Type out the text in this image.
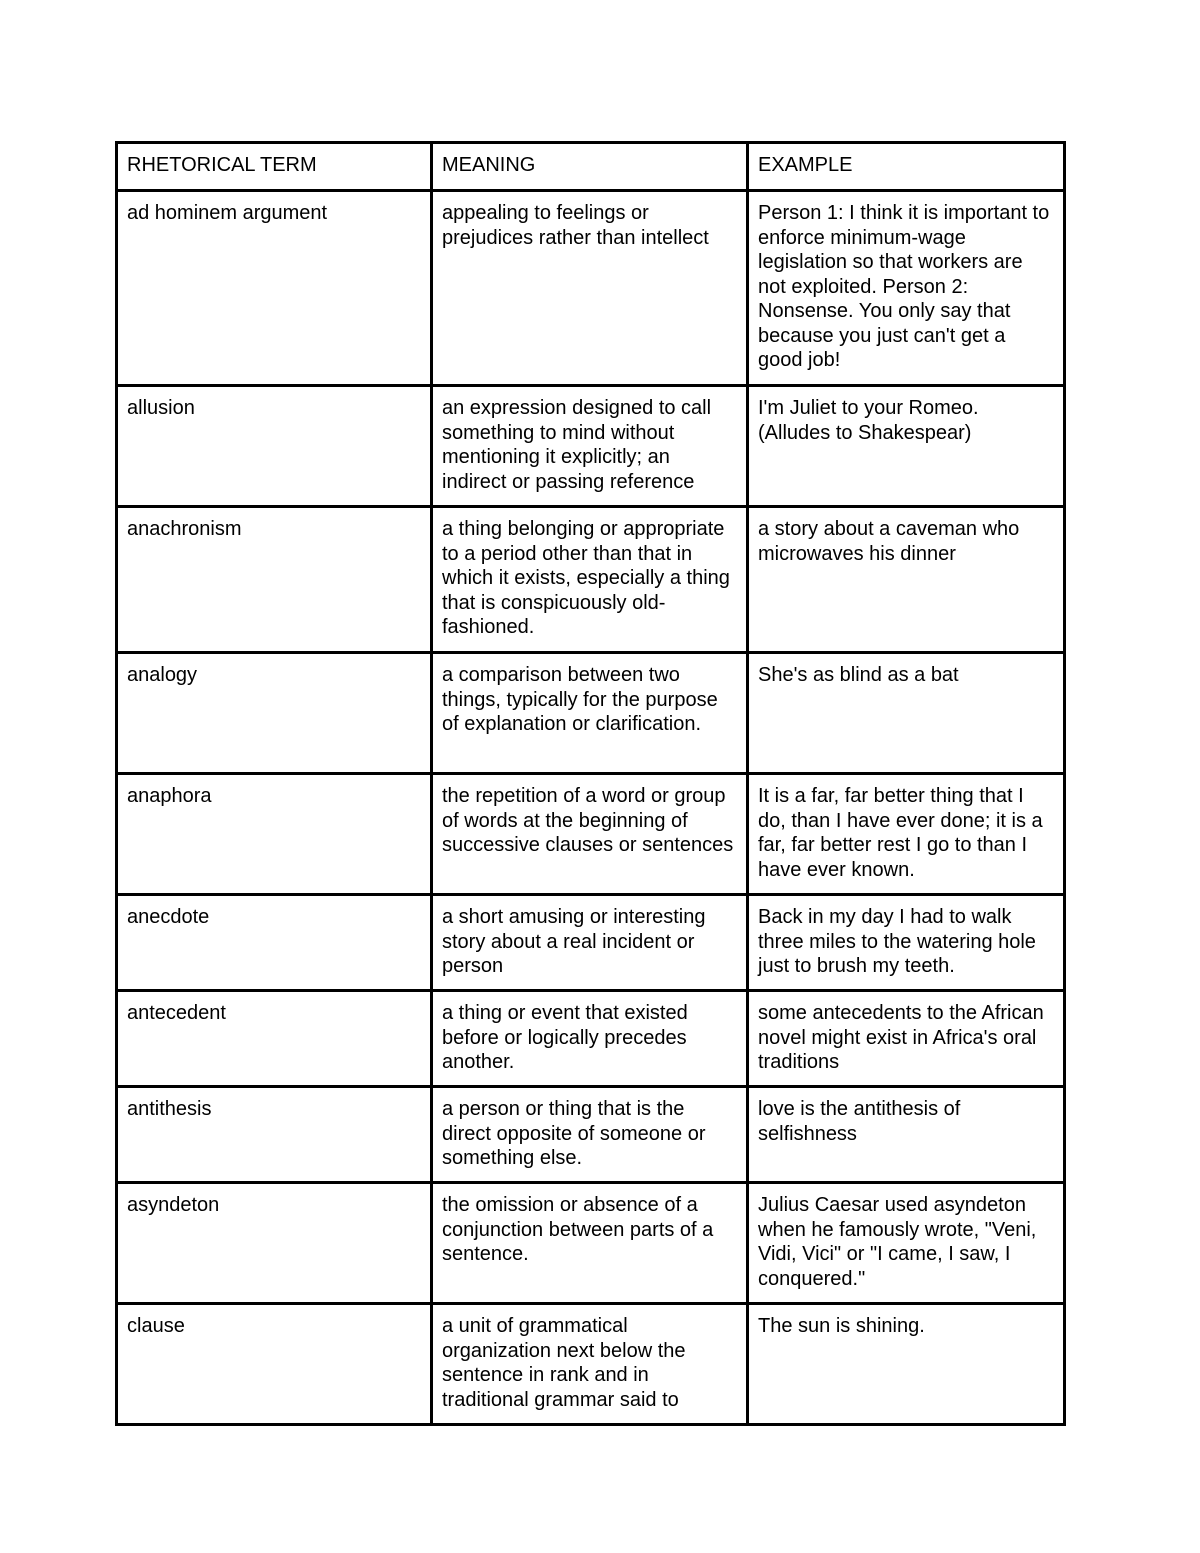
RHETORICAL TERM	MEANING	EXAMPLE
ad hominem argument	appealing to feelings or prejudices rather than intellect	Person 1: I think it is important to enforce minimum-wage legislation so that workers are not exploited. Person 2: Nonsense. You only say that because you just can't get a good job!
allusion	an expression designed to call something to mind without mentioning it explicitly; an indirect or passing reference	I'm Juliet to your Romeo. (Alludes to Shakespear)
anachronism	a thing belonging or appropriate to a period other than that in which it exists, especially a thing that is conspicuously old-fashioned.	a story about a caveman who microwaves his dinner
analogy	a comparison between two things, typically for the purpose of explanation or clarification.	She's as blind as a bat
anaphora	the repetition of a word or group of words at the beginning of successive clauses or sentences	It is a far, far better thing that I do, than I have ever done; it is a far, far better rest I go to than I have ever known.
anecdote	a short amusing or interesting story about a real incident or person	Back in my day I had to walk three miles to the watering hole just to brush my teeth.
antecedent	a thing or event that existed before or logically precedes another.	some antecedents to the African novel might exist in Africa's oral traditions
antithesis	a person or thing that is the direct opposite of someone or something else.	love is the antithesis of selfishness
asyndeton	the omission or absence of a conjunction between parts of a sentence.	Julius Caesar used asyndeton when he famously wrote, "Veni, Vidi, Vici" or "I came, I saw, I conquered."
clause	a unit of grammatical organization next below the sentence in rank and in traditional grammar said to	The sun is shining.
